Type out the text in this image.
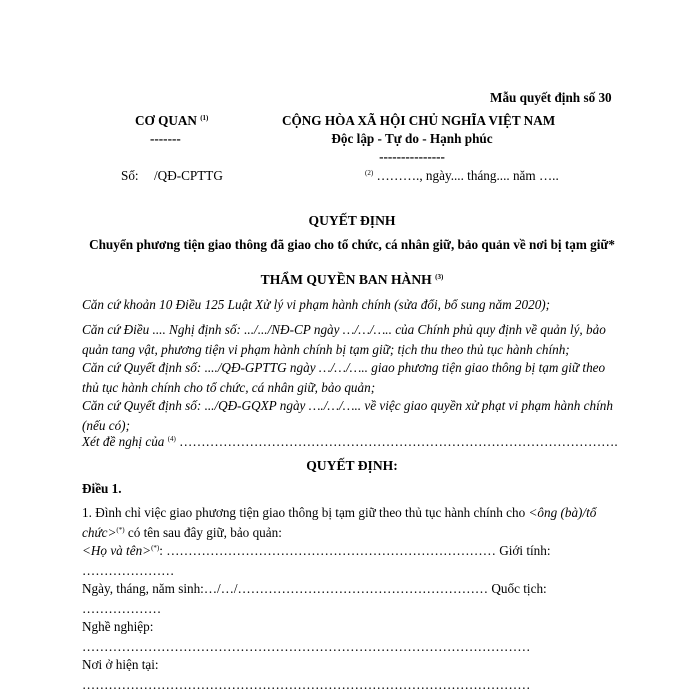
Mẫu quyết định số 30
CƠ QUAN $^{(1)}$
-------
CỘNG HÒA XÃ HỘI CHỦ NGHĨA VIỆT NAM
Độc lập - Tự do - Hạnh phúc
---------------
Số: /QĐ-CPTTG	$^{(2)}$ ………., ngày.... tháng.... năm …..
QUYẾT ĐỊNH
Chuyển phương tiện giao thông đã giao cho tổ chức, cá nhân giữ, bảo quản về nơi bị tạm giữ*
THẨM QUYỀN BAN HÀNH $^{(3)}$
Căn cứ khoản 10 Điều 125 Luật Xử lý vi phạm hành chính (sửa đổi, bổ sung năm 2020);
Căn cứ Điều .... Nghị định số: .../.../NĐ-CP ngày …/…/….. của Chính phủ quy định về quản lý, bảo quản tang vật, phương tiện vi phạm hành chính bị tạm giữ; tịch thu theo thủ tục hành chính;
Căn cứ Quyết định số: ..../QĐ-GPTTG ngày …/…/….. giao phương tiện giao thông bị tạm giữ theo thủ tục hành chính cho tổ chức, cá nhân giữ, bảo quản;
Căn cứ Quyết định số: .../QĐ-GQXP ngày …./…/….. về việc giao quyền xử phạt vi phạm hành chính (nếu có);
Xét đề nghị của $^{(4)}$ ……………………………………………………………………………………….
QUYẾT ĐỊNH:
Điều 1.
1. Đình chỉ việc giao phương tiện giao thông bị tạm giữ theo thủ tục hành chính cho <ông (bà)/tổ chức>(*) có tên sau đây giữ, bảo quản:
<Họ và tên>(*): ………………………………………………………………… Giới tính: …………………
Ngày, tháng, năm sinh:…/…/………………………………………………… Quốc tịch: ………………
Nghề nghiệp:
…………………………………………………………………………………………
Nơi ở hiện tại:
…………………………………………………………………………………………
